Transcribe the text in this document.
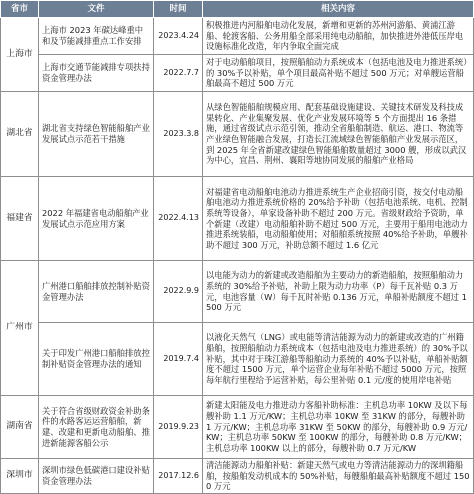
省市	文件	时间	相关内容
上海市	上海市 2023 年碳达峰重中和及节能减排重点工作安排	2023.4.24	积极推进内河船舶电动化发展，新增和更新的苏州河游船、黄浦江游船、轮渡客船、公务用船全部采用纯电动船舶，加快推进外港低压岸电设施标准化改造，年内争取全面完成
	上海市交通节能减排专项扶持资金管理办法	2022.7.7	对于电动船舶项目，按照船舶动力系统成本（包括电池及电力推进系统）的 30%予以补贴，单个项目最高补贴不超过 500 万元；对单艘运营船舶最高不超过 500 万元
湖北省	湖北省支持绿色智能船舶产业发展试点示范若干措施	2023.3.8	从绿色智能船舶规模应用、配套基础设施建设、关键技术研发及科技成果转化、产业集聚发展、优化产业发展环境等 5 个方面提出 16 条措施，通过省级试点示范引领，推动全省船舶制造、航运、港口、物流等产业绿色智能融合发展，打造长江流域绿色智能船舶产业发展示范区，到 2025 年全省新建改建绿色智能船舶数量超过 3000 艘，形成以武汉为中心，宜昌、荆州、襄阳等地协同发展的船舶产业格局
福建省	2022 年福建省电动船舶产业发展试点示范应用方案	2022.4.13	对福建省电动船舶电池动力推进系统生产企业招商引资，按交付电动船舶电池动力推进系统价格的 20%给予补助（包括电池系统、电机、控制系统等设备），单家设备补助不超过 200 万元。省级财政给予资助，单个新建（改建）电动船舶补助不超过 500 万元，主要用于船用电池动力推进系统装船，电动船舶使用；对船舶系统按照 40%给予补助，单艘补助不超过 300 万元，补助总额不超过 1.6 亿元
广州市	广州港口船舶排放控制补贴资金管理办法	2022.9.9	以电能为动力的新建或改造船舶为主要动力的新造船舶，按照船舶动力系统的 30%给予补贴，补助上限为动力功率（P）每千瓦补贴 0.3 万元，电池容量（W）每千瓦时补贴 0.136 万元，单船补贴额度不超过 1500 万元
	关于印发广州港口船舶排放控制补贴资金管理办法的通知	2019.7.4	以液化天然气（LNG）或电能等清洁能源为动力的新建或改造的广州籍船舶，按照船舶动力系统成本（包括电池及电力推进系统）的 30%予以补贴，其中对于珠江游船等船舶动力系统的 40%予以补贴，单船补贴额度不超过 1500 万元，单个运营企业每年补贴不超过 5000 万元，按照每年航行里程给予运营补贴，每公里补贴 0.1 元/度的使用岸电补贴
湖南省	关于符合省级财政资金补助条件的水路客运运营船舶，新建、改建和更新电动船舶、推进新能源客船公示	2019.9.23	新建太阳能及电力推进动力客船补助标准：主机总功率 10KW 及以下每艘补助 1.1 万元/KW；主机总功率 10KW 至 31KW 的部分，每艘补助 1 万元/KW；主机总功率 31KW 至 50KW 的部分，每艘补助 0.9 万元/KW；主机总功率 50KW 至 100KW 的部分，每艘补助 0.8 万元/KW；主机总功率 100KW 以上的部分，每艘补助 0.7 万元/KW
深圳市	深圳市绿色低碳港口建设补贴资金管理办法	2017.12.6	清洁能源动力船舶补贴：新建天然气或电力等清洁能源动力的深圳籍船舶，按船舶发动机成本的 50%补贴，每艘船舶最高补贴额度不超过 1500 万元
